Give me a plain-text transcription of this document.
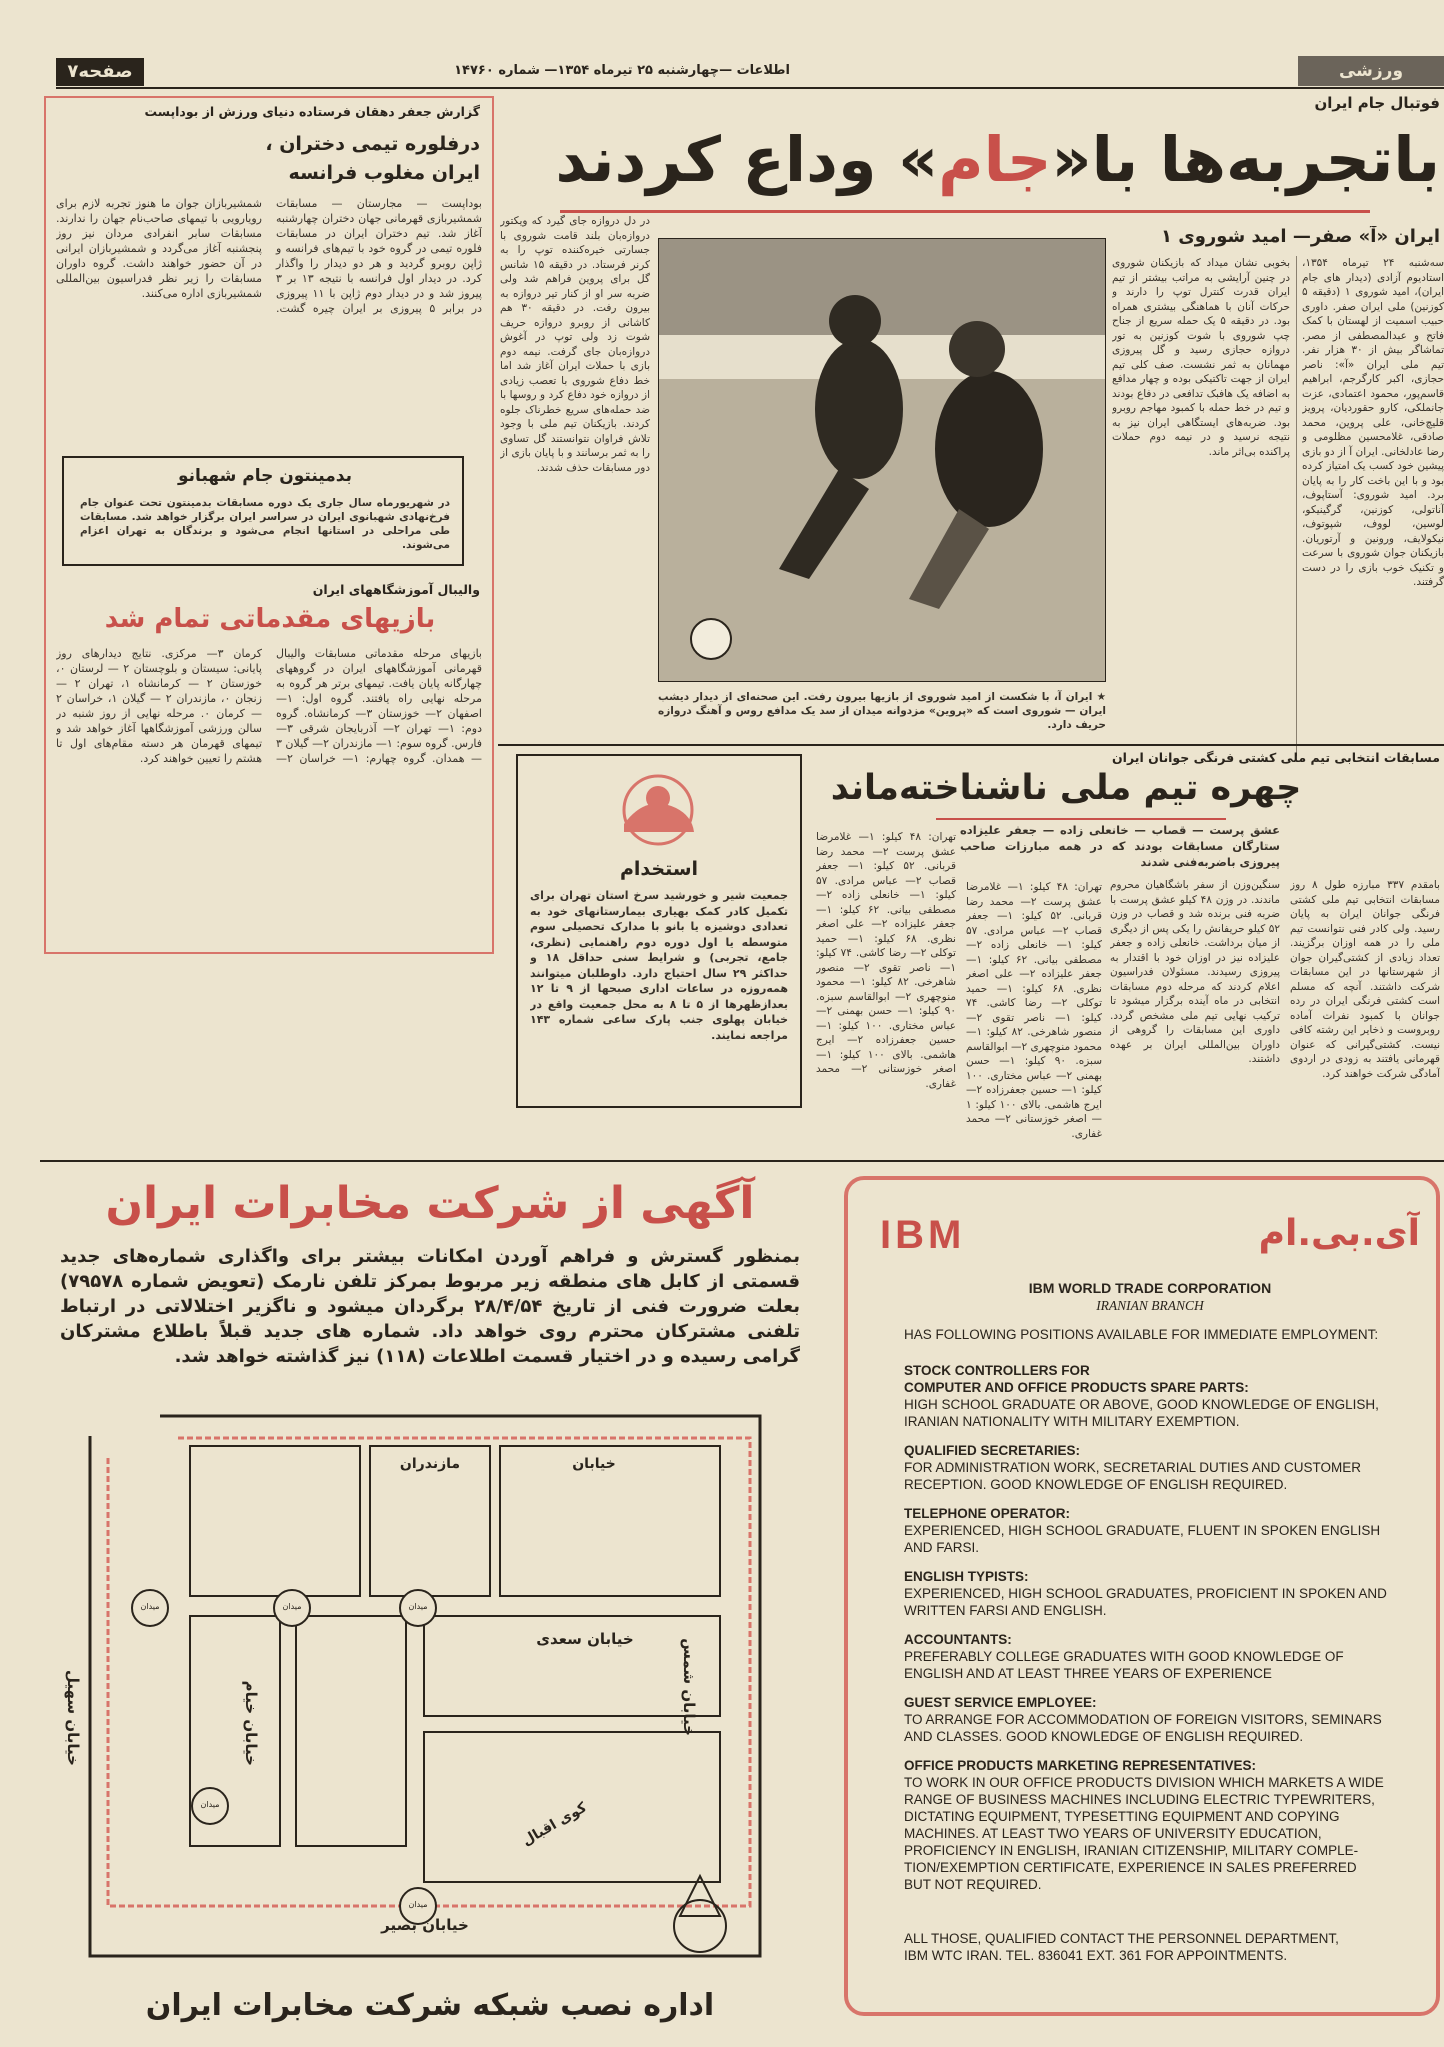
صفحه۷	اطلاعات —چهارشنبه ۲۵ تیرماه ۱۳۵۴— شماره ۱۴۷۶۰	ورزشی
گزارش جعفر دهقان فرستاده دنیای ورزش از بوداپست
درفلوره تیمی دختران ، ایران مغلوب فرانسه
بوداپست — مجارستان — مسابقات شمشیربازی قهرمانی جهان دختران چهارشنبه آغاز شد. تیم دختران ایران در مسابقات فلوره تیمی در گروه خود با تیم‌های فرانسه و ژاپن روبرو گردید و هر دو دیدار را واگذار کرد. در دیدار اول فرانسه با نتیجه ۱۳ بر ۳ پیروز شد و در دیدار دوم ژاپن با ۱۱ پیروزی در برابر ۵ پیروزی بر ایران چیره گشت. شمشیربازان جوان ما هنوز تجربه لازم برای رویارویی با تیمهای صاحب‌نام جهان را ندارند. مسابقات سابر انفرادی مردان نیز روز پنجشنبه آغاز می‌گردد و شمشیربازان ایرانی در آن حضور خواهند داشت. گروه داوران مسابقات را زیر نظر فدراسیون بین‌المللی شمشیربازی اداره می‌کنند.
بدمینتون جام شهبانو
در شهریورماه سال جاری یک دوره مسابقات بدمینتون تحت عنوان جام فرخ‌نهادی شهبانوی ایران در سراسر ایران برگزار خواهد شد. مسابقات طی مراحلی در استانها انجام می‌شود و برندگان به تهران اعزام می‌شوند.
والیبال آموزشگاههای ایران
بازیهای مقدماتی تمام شد
بازیهای مرحله مقدماتی مسابقات والیبال قهرمانی آموزشگاههای ایران در گروههای چهارگانه پایان یافت. تیمهای برتر هر گروه به مرحله نهایی راه یافتند. گروه اول: ۱— اصفهان ۲— خوزستان ۳— کرمانشاه. گروه دوم: ۱— تهران ۲— آذربایجان شرقی ۳— فارس. گروه سوم: ۱— مازندران ۲— گیلان ۳— همدان. گروه چهارم: ۱— خراسان ۲— کرمان ۳— مرکزی. نتایج دیدارهای روز پایانی: سیستان و بلوچستان ۲ — لرستان ۰، خوزستان ۲ — کرمانشاه ۱، تهران ۲ — زنجان ۰، مازندران ۲ — گیلان ۱، خراسان ۲ — کرمان ۰. مرحله نهایی از روز شنبه در سالن ورزشی آموزشگاهها آغاز خواهد شد و تیمهای قهرمان هر دسته مقام‌های اول تا هشتم را تعیین خواهند کرد.
فوتبال جام ایران
باتجربه‌ها با«جام» وداع کردند
ایران «آ» صفر— امید شوروی ۱
سه‌شنبه ۲۴ تیرماه ۱۳۵۴، استادیوم آزادی (دیدار های جام ایران)، امید شوروی ۱ (دقیقه ۵ کوزنین) ملی ایران صفر. داوری حبیب اسمیت از لهستان با کمک فاتح و عبدالمصطفی از مصر. تماشاگر بیش از ۳۰ هزار نفر. تیم ملی ایران «آ»: ناصر حجازی، اکبر کارگرجم، ابراهیم قاسم‌پور، محمود اعتمادی، عزت جانملکی، کارو حقوردیان، پرویز قلیچ‌خانی، علی پروین، محمد صادقی، غلامحسین مظلومی و رضا عادلخانی. ایران آ از دو بازی پیشین خود کسب یک امتیاز کرده بود و با این باخت کار را به پایان برد. امید شوروی: آستاپوف، آناتولی، کوزنین، گرگینیکو، لوسین، لووف، شپوتوف، نیکولایف، ورونین و آرتوریان. بازیکنان جوان شوروی با سرعت و تکنیک خوب بازی را در دست گرفتند.
بخوبی نشان میداد که بازیکنان شوروی در چنین آرایشی به مراتب بیشتر از تیم ایران قدرت کنترل توپ را دارند و حرکات آنان با هماهنگی بیشتری همراه بود. در دقیقه ۵ یک حمله سریع از جناح چپ شوروی با شوت کوزنین به تور دروازه حجازی رسید و گل پیروزی مهمانان به ثمر نشست. صف کلی تیم ایران از جهت تاکتیکی بوده و چهار مدافع به اضافه یک هافبک تدافعی در دفاع بودند و تیم در خط حمله با کمبود مهاجم روبرو بود. ضربه‌های ایستگاهی ایران نیز به نتیجه نرسید و در نیمه دوم حملات پراکنده بی‌اثر ماند.
در دل دروازه جای گیرد که ویکتور دروازه‌بان بلند قامت شوروی با جسارتی خیره‌کننده توپ را به کرنر فرستاد. در دقیقه ۱۵ شانس گل برای پروین فراهم شد ولی ضربه سر او از کنار تیر دروازه به بیرون رفت. در دقیقه ۳۰ هم کاشانی از روبرو دروازه حریف شوت زد ولی توپ در آغوش دروازه‌بان جای گرفت. نیمه دوم بازی با حملات ایران آغاز شد اما خط دفاع شوروی با تعصب زیادی از دروازه خود دفاع کرد و روسها با ضد حمله‌های سریع خطرناک جلوه کردند. بازیکنان تیم ملی با وجود تلاش فراوان نتوانستند گل تساوی را به ثمر برسانند و با پایان بازی از دور مسابقات حذف شدند.
★ ایران آ، با شکست از امید شوروی از بازیها بیرون رفت. این صحنه‌ای از دیدار دیشب ایران — شوروی است که «پروین» مزدوانه میدان از سد یک مدافع روس و آهنگ دروازه حریف دارد.
استخدام
جمعیت شیر و خورشید سرخ استان تهران برای تکمیل کادر کمک بهیاری بیمارستانهای خود به تعدادی دوشیزه یا بانو با مدارک تحصیلی سوم متوسطه یا اول دوره دوم راهنمایی (نظری، جامع، تجربی) و شرایط سنی حداقل ۱۸ و حداکثر ۲۹ سال احتیاج دارد. داوطلبان میتوانند همه‌روزه در ساعات اداری صبحها از ۹ تا ۱۲ بعدازظهرها از ۵ تا ۸ به محل جمعیت واقع در خیابان پهلوی جنب پارک ساعی شماره ۱۴۳ مراجعه نمایند.
مسابقات انتخابی تیم ملی کشتی فرنگی جوانان ایران
چهره تیم ملی ناشناخته‌ماند
عشق پرست — قصاب — خانعلی زاده — جعفر علیزاده ستارگان مسابقات بودند که در همه مبارزات صاحب پیروزی باضربه‌فنی شدند
بامقدم ۳۳۷ مبارزه طول ۸ روز مسابقات انتخابی تیم ملی کشتی فرنگی جوانان ایران به پایان رسید. ولی کادر فنی نتوانست تیم ملی را در همه اوزان برگزیند. تعداد زیادی از کشتی‌گیران جوان از شهرستانها در این مسابقات شرکت داشتند. آنچه که مسلم است کشتی فرنگی ایران در رده جوانان با کمبود نفرات آماده روبروست و ذخایر این رشته کافی نیست. کشتی‌گیرانی که عنوان قهرمانی یافتند به زودی در اردوی آمادگی شرکت خواهند کرد.
سنگین‌وزن از سفر باشگاهیان محروم ماندند. در وزن ۴۸ کیلو عشق پرست با ضربه فنی برنده شد و قصاب در وزن ۵۲ کیلو حریفانش را یکی پس از دیگری از میان برداشت. خانعلی زاده و جعفر علیزاده نیز در اوزان خود با اقتدار به پیروزی رسیدند. مسئولان فدراسیون اعلام کردند که مرحله دوم مسابقات انتخابی در ماه آینده برگزار میشود تا ترکیب نهایی تیم ملی مشخص گردد. داوری این مسابقات را گروهی از داوران بین‌المللی ایران بر عهده داشتند.
تهران: ۴۸ کیلو: ۱— غلامرضا عشق پرست ۲— محمد رضا قربانی. ۵۲ کیلو: ۱— جعفر قصاب ۲— عباس مرادی. ۵۷ کیلو: ۱— خانعلی زاده ۲— مصطفی بیانی. ۶۲ کیلو: ۱— جعفر علیزاده ۲— علی اصغر نظری. ۶۸ کیلو: ۱— حمید توکلی ۲— رضا کاشی. ۷۴ کیلو: ۱— ناصر تقوی ۲— منصور شاهرخی. ۸۲ کیلو: ۱— محمود منوچهری ۲— ابوالقاسم سبزه. ۹۰ کیلو: ۱— حسن بهمنی ۲— عباس مختاری. ۱۰۰ کیلو: ۱— حسین جعفرزاده ۲— ایرج هاشمی. بالای ۱۰۰ کیلو: ۱— اصغر خوزستانی ۲— محمد غفاری.
تهران: ۴۸ کیلو: ۱— غلامرضا عشق پرست ۲— محمد رضا قربانی. ۵۲ کیلو: ۱— جعفر قصاب ۲— عباس مرادی. ۵۷ کیلو: ۱— خانعلی زاده ۲— مصطفی بیانی. ۶۲ کیلو: ۱— جعفر علیزاده ۲— علی اصغر نظری. ۶۸ کیلو: ۱— حمید توکلی ۲— رضا کاشی. ۷۴ کیلو: ۱— ناصر تقوی ۲— منصور شاهرخی. ۸۲ کیلو: ۱— محمود منوچهری ۲— ابوالقاسم سبزه. ۹۰ کیلو: ۱— حسن بهمنی ۲— عباس مختاری. ۱۰۰ کیلو: ۱— حسین جعفرزاده ۲— ایرج هاشمی. بالای ۱۰۰ کیلو: ۱— اصغر خوزستانی ۲— محمد غفاری.
آگهی از شرکت مخابرات ایران
بمنظور گسترش و فراهم آوردن امکانات بیشتر برای واگذاری شماره‌های جدید قسمتی از کابل های منطقه زیر مربوط بمرکز تلفن نارمک (تعویض شماره ۷۹۵۷۸) بعلت ضرورت فنی از تاریخ ۲۸/۴/۵۴ برگردان میشود و ناگزیر اختلالاتی در ارتباط تلفنی مشترکان محترم روی خواهد داد. شماره های جدید قبلاً باطلاع مشترکان گرامی رسیده و در اختیار قسمت اطلاعات (۱۱۸) نیز گذاشته خواهد شد.
مازندران	خیابان
خیابان شمس
خیابان سهیل	خیابان خیام
خیابان سعدی
کوی اقبال
خیابان بصیر
میدان	میدان
میدان
میدان
میدان
اداره نصب شبکه شرکت مخابرات ایران
IBM	آی.بی.ام
IBM WORLD TRADE CORPORATION
IRANIAN BRANCH
HAS FOLLOWING POSITIONS AVAILABLE FOR IMMEDIATE EMPLOYMENT:
STOCK CONTROLLERS FOR
COMPUTER AND OFFICE PRODUCTS SPARE PARTS:
HIGH SCHOOL GRADUATE OR ABOVE, GOOD KNOWLEDGE OF ENGLISH,
IRANIAN NATIONALITY WITH MILITARY EXEMPTION.
QUALIFIED SECRETARIES:
FOR ADMINISTRATION WORK, SECRETARIAL DUTIES AND CUSTOMER
RECEPTION. GOOD KNOWLEDGE OF ENGLISH REQUIRED.
TELEPHONE OPERATOR:
EXPERIENCED, HIGH SCHOOL GRADUATE, FLUENT IN SPOKEN ENGLISH
AND FARSI.
ENGLISH TYPISTS:
EXPERIENCED, HIGH SCHOOL GRADUATES, PROFICIENT IN SPOKEN AND
WRITTEN FARSI AND ENGLISH.
ACCOUNTANTS:
PREFERABLY COLLEGE GRADUATES WITH GOOD KNOWLEDGE OF
ENGLISH AND AT LEAST THREE YEARS OF EXPERIENCE
GUEST SERVICE EMPLOYEE:
TO ARRANGE FOR ACCOMMODATION OF FOREIGN VISITORS, SEMINARS
AND CLASSES. GOOD KNOWLEDGE OF ENGLISH REQUIRED.
OFFICE PRODUCTS MARKETING REPRESENTATIVES:
TO WORK IN OUR OFFICE PRODUCTS DIVISION WHICH MARKETS A WIDE
RANGE OF BUSINESS MACHINES INCLUDING ELECTRIC TYPEWRITERS,
DICTATING EQUIPMENT, TYPESETTING EQUIPMENT AND COPYING
MACHINES. AT LEAST TWO YEARS OF UNIVERSITY EDUCATION,
PROFICIENCY IN ENGLISH, IRANIAN CITIZENSHIP, MILITARY COMPLE-
TION/EXEMPTION CERTIFICATE, EXPERIENCE IN SALES PREFERRED
BUT NOT REQUIRED.
ALL THOSE, QUALIFIED CONTACT THE PERSONNEL DEPARTMENT,
IBM WTC IRAN. TEL. 836041 EXT. 361 FOR APPOINTMENTS.
